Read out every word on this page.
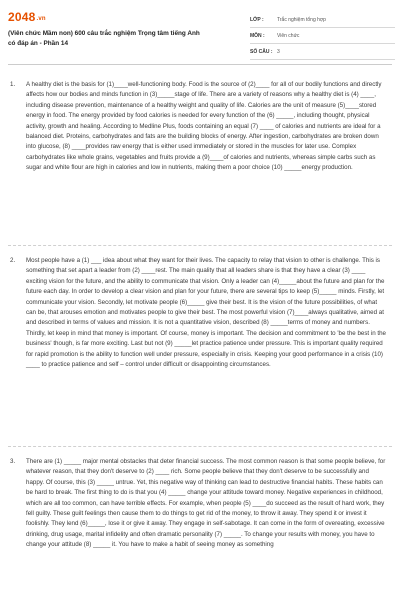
2048.vn
(Viên chức Mầm non) 600 câu trắc nghiệm Trọng tâm tiếng Anh có đáp án - Phần 14
LỚP :	Trắc nghiệm tổng hợp
MÔN :	Viên chức
SỐ CÂU : 3
1.	A healthy diet is the basis for (1)____well-functioning body. Food is the source of (2)____ for all of our bodily functions and directly affects how our bodies and minds function in (3)_____stage of life. There are a variety of reasons why a healthy diet is (4) ____, including disease prevention, maintenance of a healthy weight and quality of life. Calories are the unit of measure (5)____stored energy in food. The energy provided by food calories is needed for every function of the (6) _____, including thought, physical activity, growth and healing. According to Medline Plus, foods containing an equal (7) ____ of calories and nutrients are ideal for a balanced diet. Proteins, carbohydrates and fats are the building blocks of energy. After ingestion, carbohydrates are broken down into glucose, (8) ____provides raw energy that is either used immediately or stored in the muscles for later use. Complex carbohydrates like whole grains, vegetables and fruits provide a (9)____of calories and nutrients, whereas simple carbs such as sugar and white flour are high in calories and low in nutrients, making them a poor choice (10) _____energy production.
2.	Most people have a (1) ___ idea about what they want for their lives. The capacity to relay that vision to other is challenge. This is something that set apart a leader from (2) ____rest. The main quality that all leaders share is that they have a clear (3) ____ exciting vision for the future, and the ability to communicate that vision. Only a leader can (4)_____about the future and plan for the future each day. In order to develop a clear vision and plan for your future, there are several tips to keep (5)_____ minds. Firstly, let communicate your vision. Secondly, let motivate people (6)_____ give their best. It is the vision of the future possibilities, of what can be, that arouses emotion and motivates people to give their best. The most powerful vision (7)____always qualitative, aimed at and described in terms of values and mission. It is not a quantitative vision, described (8) _____terms of money and numbers. Thirdly, let keep in mind that money is important. Of course, money is important. The decision and commitment to 'be the best in the business' though, is far more exciting. Last but not (9) _____let practice patience under pressure. This is important quality required for rapid promotion is the ability to function well under pressure, especially in crisis. Keeping your good performance in a crisis (10) ____ to practice patience and self – control under difficult or disappointing circumstances.
3.	There are (1) _____ major mental obstacles that deter financial success. The most common reason is that some people believe, for whatever reason, that they don't deserve to (2) ____ rich. Some people believe that they don't deserve to be successfully and happy. Of course, this (3) _____ untrue. Yet, this negative way of thinking can lead to destructive financial habits. These habits can be hard to break. The first thing to do is that you (4) _____ change your attitude toward money. Negative experiences in childhood, which are all too common, can have terrible effects. For example, when people (5) ____do succeed as the result of hard work, they fell guilty. These guilt feelings then cause them to do things to get rid of the money, to throw it away. They spend it or invest it foolishly. They lend (6)_____, lose it or give it away. They engage in self-sabotage. It can come in the form of overeating, excessive drinking, drug usage, marital infidelity and often dramatic personality (7) _____. To change your results with money, you have to change your attitude (8) _____ it. You have to make a habit of seeing money as something
